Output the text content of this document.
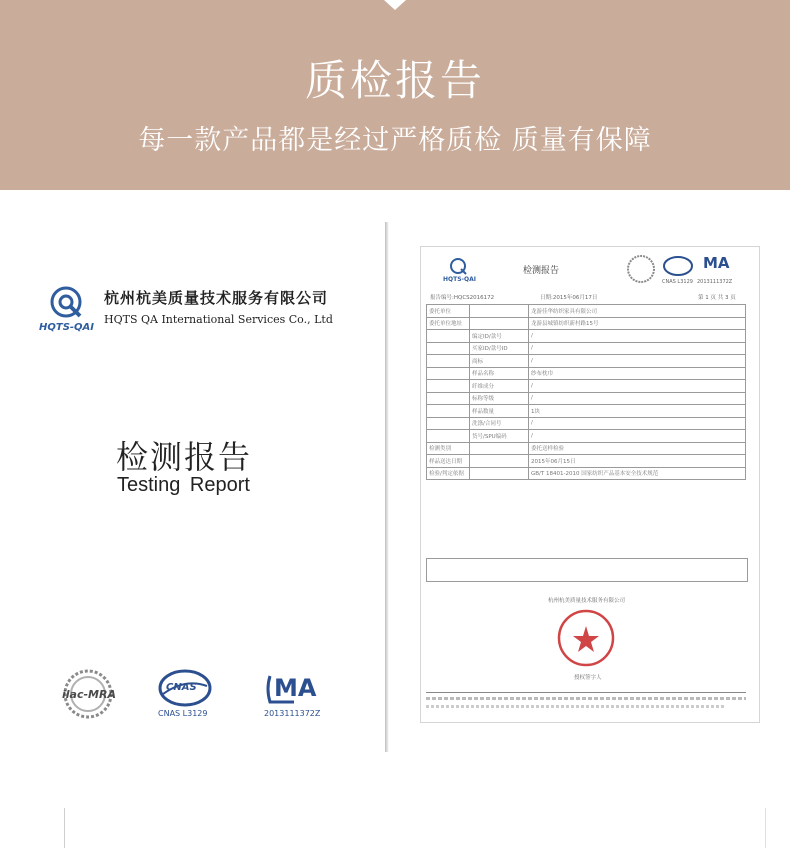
质检报告
每一款产品都是经过严格质检 质量有保障
HQTS-QAI
杭州杭美质量技术服务有限公司
HQTS QA International Services Co., Ltd
检测报告
Testing Report
ilac-MRA
CNAS
CNAS L3129
MA
2013111372Z
HQTS-QAI
检测报告
CNAS L3129
MA
2013111372Z
报告编号:HQCS2016172	日期:2015年06月17日	第 1 页 共 3 页
委托单位		龙游佳华纺织家具有限公司
委托单位地址		龙游县城镇纺织新村路15号
	编定ID/款号	/
	买家ID/款号ID	/
	商标	/
	样品名称	纱布枕巾
	纤维成分	/
	标称等级	/
	样品数量	1块
	洗涤/合同号	/
	货号/SPU编码	/
检测类别		委托送样检验
样品送达日期		2015年06月15日
检验/判定依据		GB/T 18401-2010 国家纺织产品基本安全技术规范
杭州杭美质量技术服务有限公司
授权签字人
